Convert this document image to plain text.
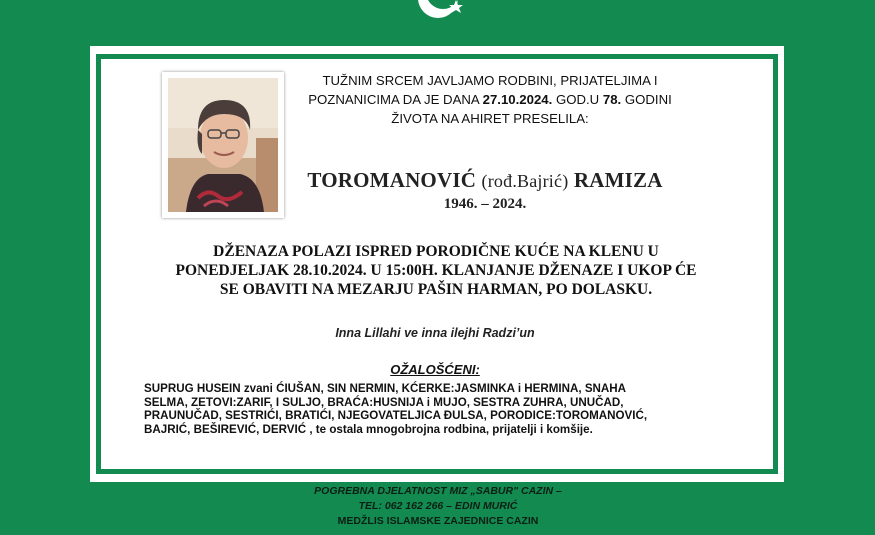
TUŽNIM SRCEM JAVLJAMO RODBINI, PRIJATELJIMA I
POZNANICIMA DA JE DANA 27.10.2024. GOD.U 78. GODINI
ŽIVOTA NA AHIRET PRESELILA:
TOROMANOVIĆ (rođ.Bajrić) RAMIZA
1946. – 2024.
DŽENAZA POLAZI ISPRED PORODIČNE KUĆE NA KLENU U
PONEDJELJAK 28.10.2024. U 15:00H. KLANJANJE DŽENAZE I UKOP ĆE
SE OBAVITI NA MEZARJU PAŠIN HARMAN, PO DOLASKU.
Inna Lillahi ve inna ilejhi Radzi’un
OŽALOŠĆENI:
SUPRUG HUSEIN zvani ĆIUŠAN, SIN NERMIN, KĆERKE:JASMINKA i HERMINA, SNAHA
SELMA, ZETOVI:ZARIF, I SULJO, BRAĆA:HUSNIJA i MUJO, SESTRA ZUHRA, UNUČAD,
PRAUNUČAD, SESTRIĆI, BRATIĆI, NJEGOVATELJICA ĐULSA, PORODICE:TOROMANOVIĆ,
BAJRIĆ, BEŠIREVIĆ, DERVIĆ , te ostala mnogobrojna rodbina, prijatelji i komšije.
POGREBNA DJELATNOST MIZ „SABUR" CAZIN –
TEL: 062 162 266 – EDIN MURIĆ
MEDŽLIS ISLAMSKE ZAJEDNICE CAZIN
